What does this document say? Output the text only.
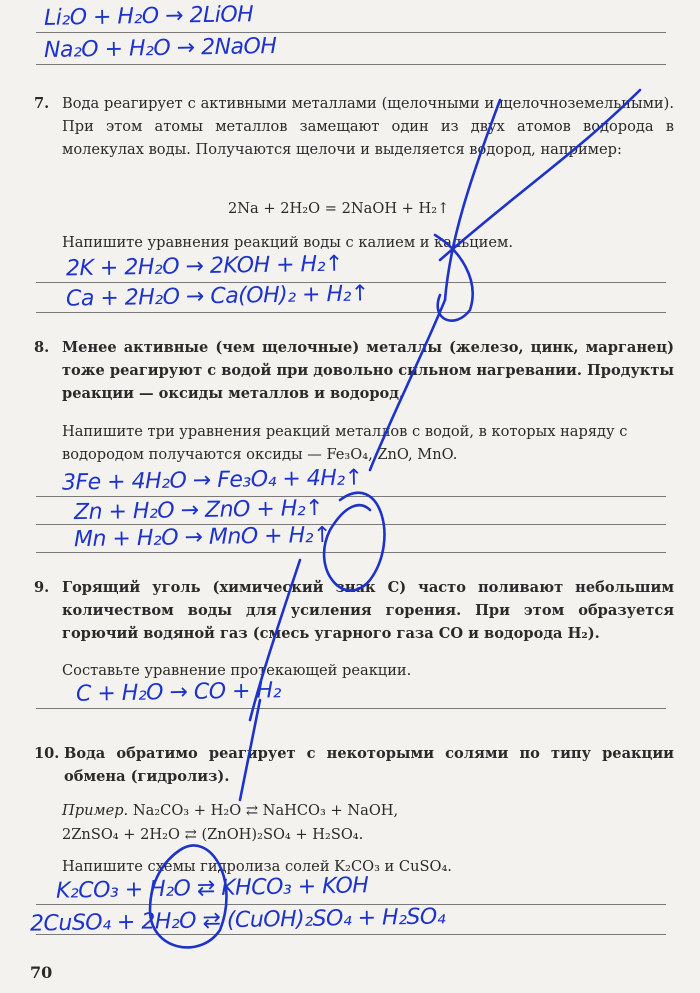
Li₂O + H₂O → 2LiOH
Na₂O + H₂O → 2NaOH
7. Вода реагирует с активными металлами (щелочными и щелочноземельными). При этом атомы металлов замещают один из двух атомов водорода в молекулах воды. Получаются щелочи и выделяется водород, например:
2Na + 2H₂O = 2NaOH + H₂↑
Напишите уравнения реакций воды с калием и кальцием.
2K + 2H₂O → 2KOH + H₂↑
Ca + 2H₂O → Ca(OH)₂ + H₂↑
8. Менее активные (чем щелочные) металлы (железо, цинк, марганец) тоже реагируют с водой при довольно сильном нагревании. Продукты реакции — оксиды металлов и водород.
Напишите три уравнения реакций металлов с водой, в которых наряду с водородом получаются оксиды — Fe₃O₄, ZnO, MnO.
3Fe + 4H₂O → Fe₃O₄ + 4H₂↑
Zn + H₂O → ZnO + H₂↑
Mn + H₂O → MnO + H₂↑
9. Горящий уголь (химический знак C) часто поливают небольшим количеством воды для усиления горения. При этом образуется горючий водяной газ (смесь угарного газа CO и водорода H₂).
Составьте уравнение протекающей реакции.
C + H₂O → CO + H₂
10. Вода обратимо реагирует с некоторыми солями по типу реакции обмена (гидролиз).
Пример. Na₂CO₃ + H₂O ⇄ NaHCO₃ + NaOH,
2ZnSO₄ + 2H₂O ⇄ (ZnOH)₂SO₄ + H₂SO₄.
Напишите схемы гидролиза солей K₂CO₃ и CuSO₄.
K₂CO₃ + H₂O ⇄ KHCO₃ + KOH
2CuSO₄ + 2H₂O ⇄ (CuOH)₂SO₄ + H₂SO₄
70
